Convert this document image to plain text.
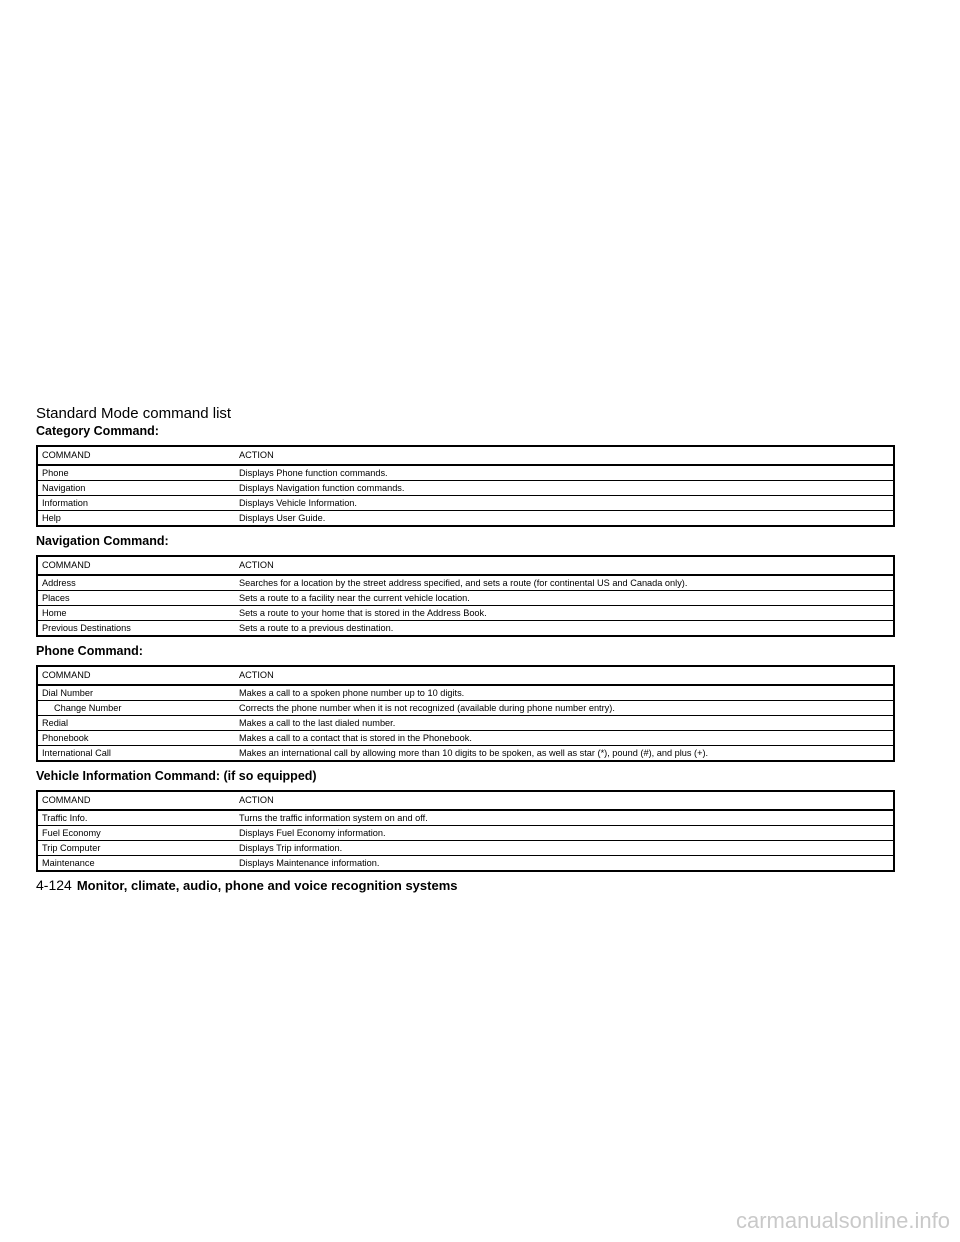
Standard Mode command list
Category Command:
COMMAND	ACTION
Phone	Displays Phone function commands.
Navigation	Displays Navigation function commands.
Information	Displays Vehicle Information.
Help	Displays User Guide.
Navigation Command:
COMMAND	ACTION
Address	Searches for a location by the street address specified, and sets a route (for continental US and Canada only).
Places	Sets a route to a facility near the current vehicle location.
Home	Sets a route to your home that is stored in the Address Book.
Previous Destinations	Sets a route to a previous destination.
Phone Command:
COMMAND	ACTION
Dial Number	Makes a call to a spoken phone number up to 10 digits.
Change Number	Corrects the phone number when it is not recognized (available during phone number entry).
Redial	Makes a call to the last dialed number.
Phonebook	Makes a call to a contact that is stored in the Phonebook.
International Call	Makes an international call by allowing more than 10 digits to be spoken, as well as star (*), pound (#), and plus (+).
Vehicle Information Command: (if so equipped)
COMMAND	ACTION
Traffic Info.	Turns the traffic information system on and off.
Fuel Economy	Displays Fuel Economy information.
Trip Computer	Displays Trip information.
Maintenance	Displays Maintenance information.
4-124 Monitor, climate, audio, phone and voice recognition systems
carmanualsonline.info
